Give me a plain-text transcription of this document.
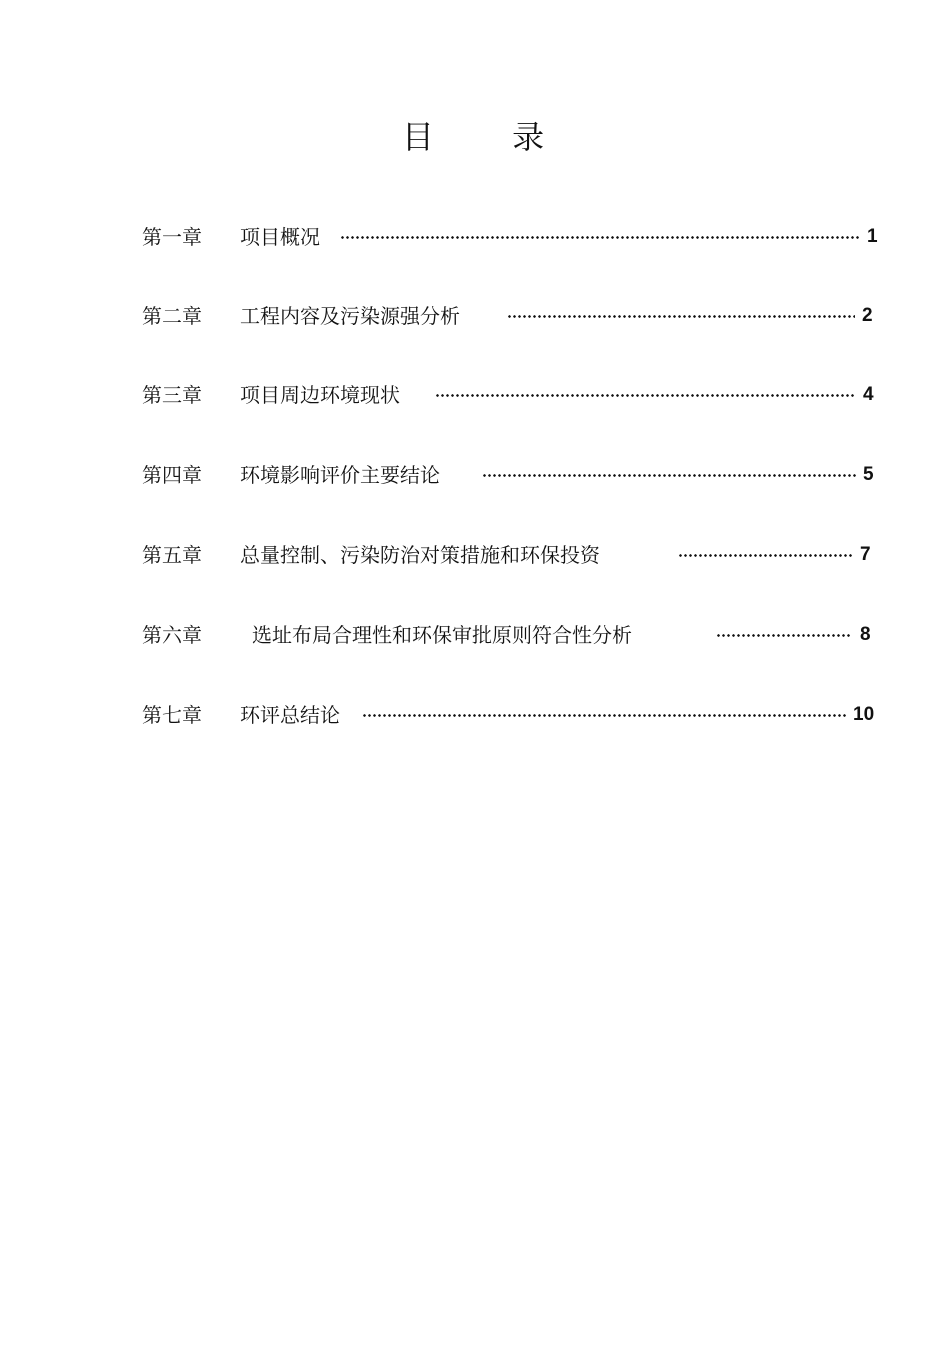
目 录
第一章 项目概况	1
第二章 工程内容及污染源强分析	2
第三章 项目周边环境现状	4
第四章 环境影响评价主要结论	5
第五章 总量控制、污染防治对策措施和环保投资	7
第六章	选址布局合理性和环保审批原则符合性分析	8
第七章 环评总结论	10
